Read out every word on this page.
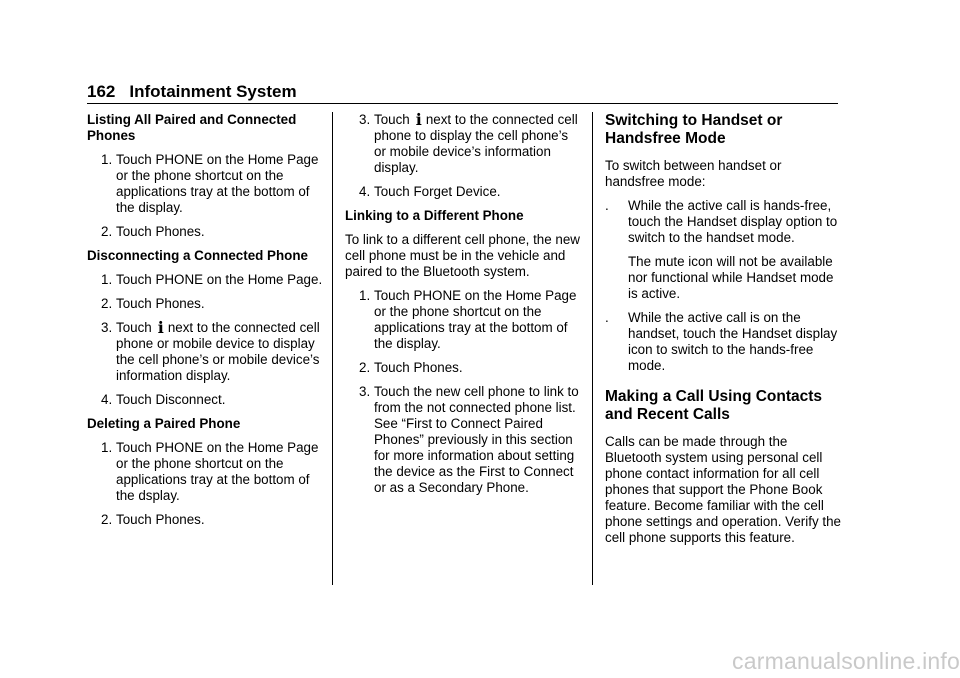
162 Infotainment System
Listing All Paired and Connected Phones
1. Touch PHONE on the Home Page or the phone shortcut on the applications tray at the bottom of the display.
2. Touch Phones.
Disconnecting a Connected Phone
1. Touch PHONE on the Home Page.
2. Touch Phones.
3. Touch ℹ next to the connected cell phone or mobile device to display the cell phone’s or mobile device’s information display.
4. Touch Disconnect.
Deleting a Paired Phone
1. Touch PHONE on the Home Page or the phone shortcut on the applications tray at the bottom of the dsplay.
2. Touch Phones.
3. Touch ℹ next to the connected cell phone to display the cell phone’s or mobile device’s information display.
4. Touch Forget Device.
Linking to a Different Phone
To link to a different cell phone, the new cell phone must be in the vehicle and paired to the Bluetooth system.
1. Touch PHONE on the Home Page or the phone shortcut on the applications tray at the bottom of the display.
2. Touch Phones.
3. Touch the new cell phone to link to from the not connected phone list. See “First to Connect Paired Phones” previously in this section for more information about setting the device as the First to Connect or as a Secondary Phone.
Switching to Handset or Handsfree Mode
To switch between handset or handsfree mode:
. While the active call is hands-free, touch the Handset display option to switch to the handset mode.
The mute icon will not be available nor functional while Handset mode is active.
. While the active call is on the handset, touch the Handset display icon to switch to the hands-free mode.
Making a Call Using Contacts and Recent Calls
Calls can be made through the Bluetooth system using personal cell phone contact information for all cell phones that support the Phone Book feature. Become familiar with the cell phone settings and operation. Verify the cell phone supports this feature.
carmanualsonline.info
